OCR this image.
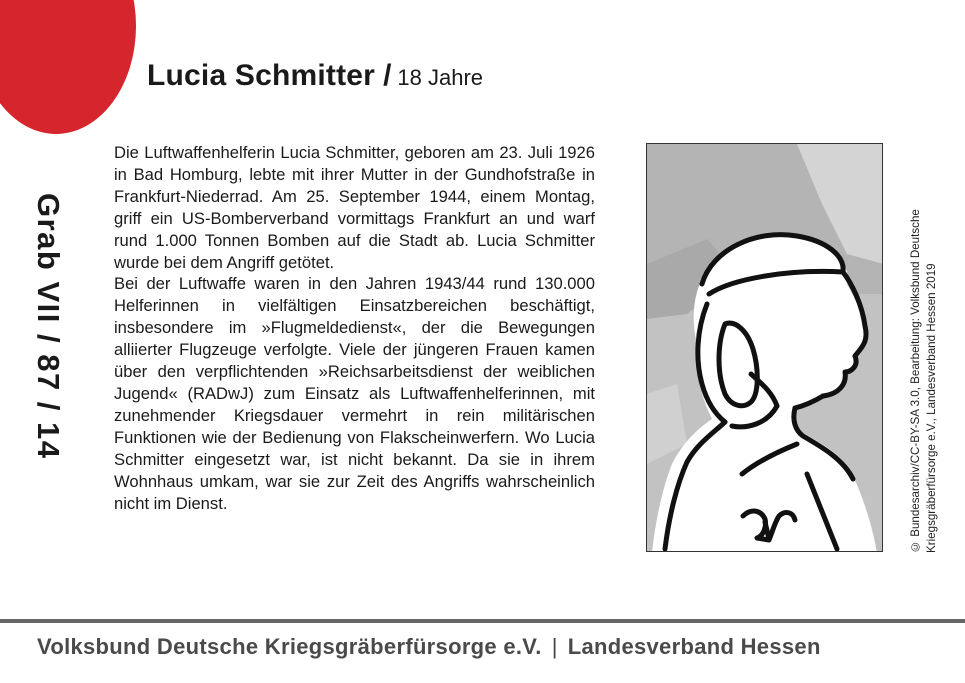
Lucia Schmitter / 18 Jahre
Grab VII / 87 / 14

Die Luftwaffenhelferin Lucia Schmitter, geboren am 23. Juli 1926 in Bad Homburg, lebte mit ihrer Mutter in der Gundhofstraße in Frankfurt-Niederrad. Am 25. September 1944, einem Montag, griff ein US-Bomberverband vormittags Frankfurt an und warf rund 1.000 Tonnen Bomben auf die Stadt ab. Lucia Schmitter wurde bei dem Angriff getötet.

Bei der Luftwaffe waren in den Jahren 1943/44 rund 130.000 Helferinnen in vielfältigen Einsatzbereichen beschäftigt, insbesondere im »Flugmeldedienst«, der die Bewegungen alliierter Flugzeuge verfolgte. Viele der jüngeren Frauen kamen über den verpflichtenden »Reichsarbeitsdienst der weiblichen Jugend« (RADwJ) zum Einsatz als Luftwaffenhelferinnen, mit zunehmender Kriegsdauer vermehrt in rein militärischen Funktionen wie der Bedienung von Flakscheinwerfern. Wo Lucia Schmitter eingesetzt war, ist nicht bekannt. Da sie in ihrem Wohnhaus umkam, war sie zur Zeit des Angriffs wahrscheinlich nicht im Dienst.	© Bundesarchiv/CC-BY-SA 3.0, Bearbeitung: Volksbund Deutsche Kriegsgräberfürsorge e.V., Landesverband Hessen 2019
Volksbund Deutsche Kriegsgräberfürsorge e.V. | Landesverband Hessen
